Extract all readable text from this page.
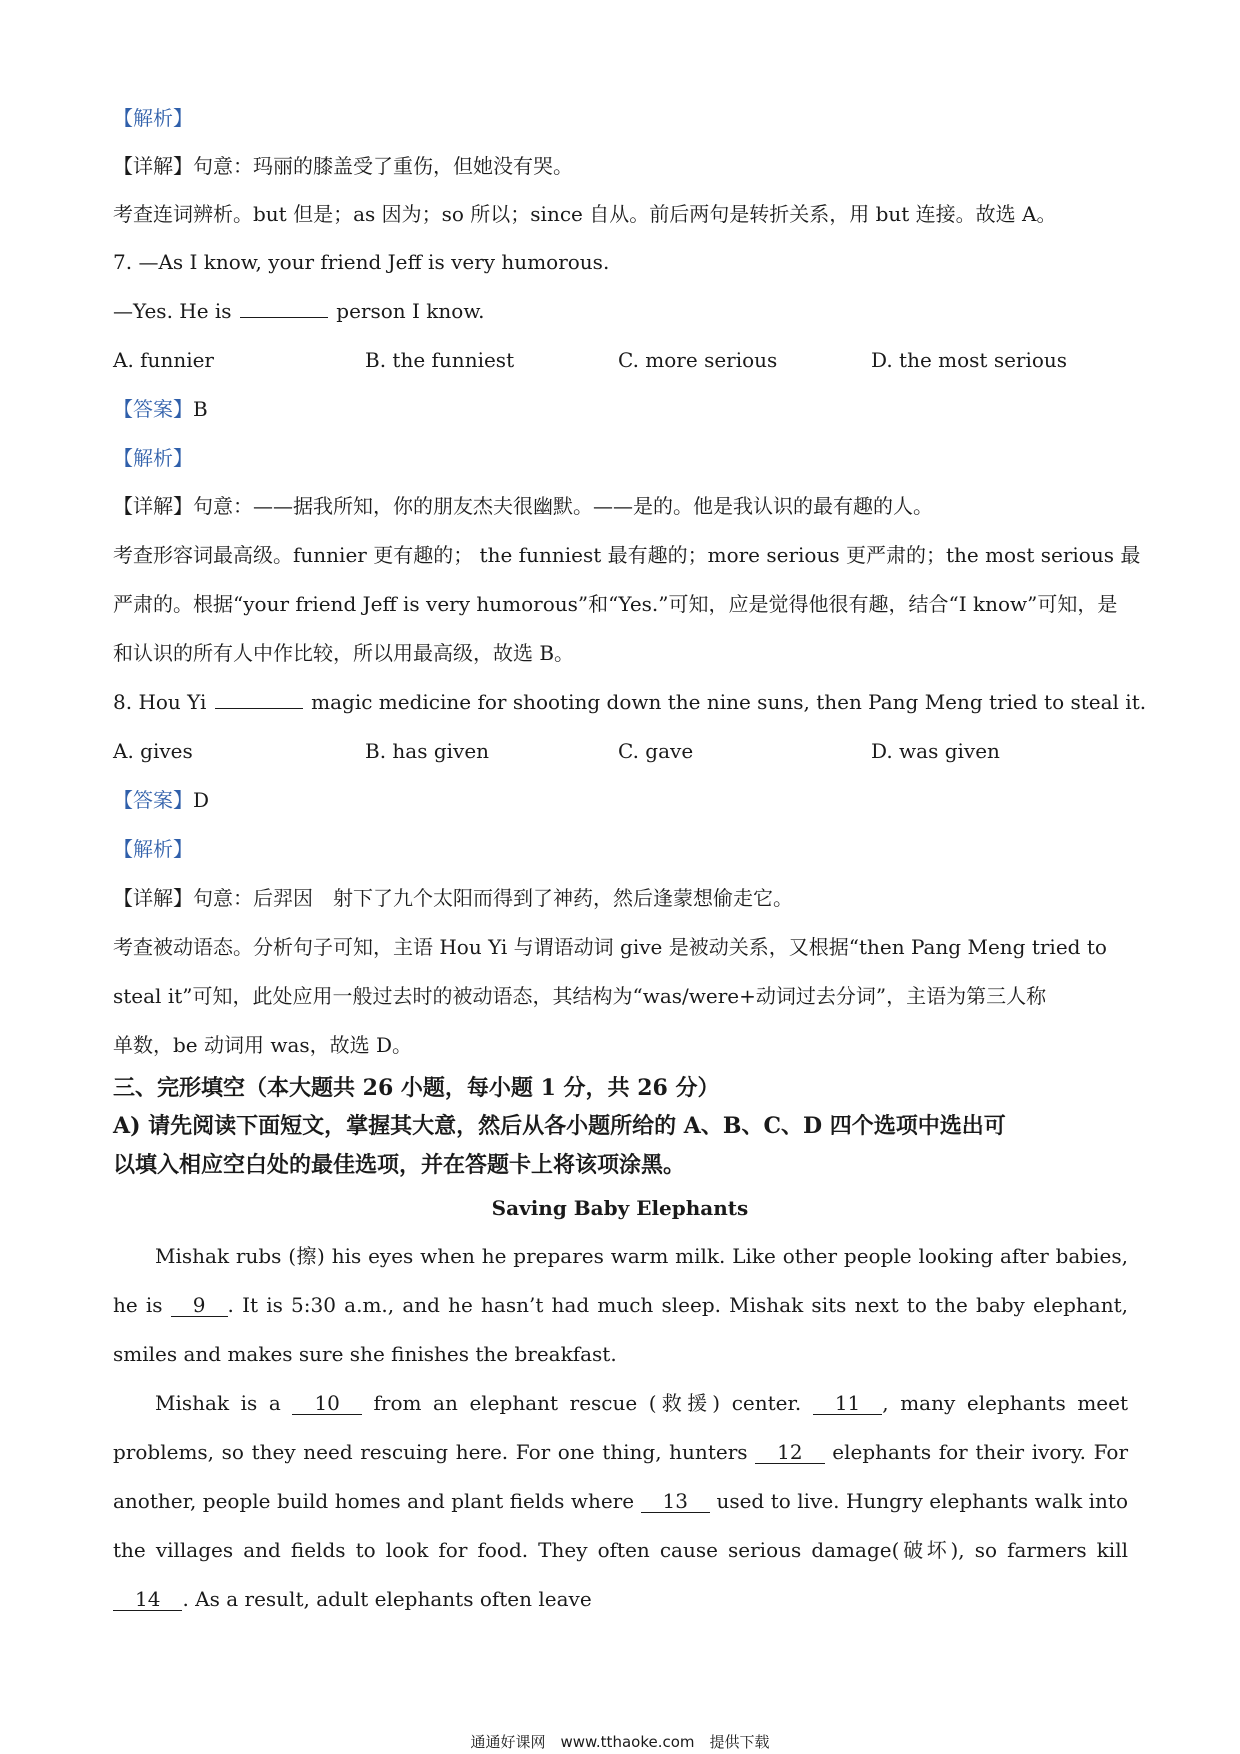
【解析】
【详解】句意：玛丽的膝盖受了重伤，但她没有哭。
考查连词辨析。but 但是；as 因为；so 所以；since 自从。前后两句是转折关系，用 but 连接。故选 A。
7. —As I know, your friend Jeff is very humorous.
—Yes. He is	person I know.
A. funnier	B. the funniest	C. more serious	D. the most serious
【答案】B
【解析】
【详解】句意：——据我所知，你的朋友杰夫很幽默。——是的。他是我认识的最有趣的人。
考查形容词最高级。funnier 更有趣的； the funniest 最有趣的；more serious 更严肃的；the most serious 最
严肃的。根据“your friend Jeff is very humorous”和“Yes.”可知，应是觉得他很有趣，结合“I know”可知，是
和认识的所有人中作比较，所以用最高级，故选 B。
8. Hou Yi	magic medicine for shooting down the nine suns, then Pang Meng tried to steal it.
A. gives	B. has given	C. gave	D. was given
【答案】D
【解析】
【详解】句意：后羿因　射下了九个太阳而得到了神药，然后逢蒙想偷走它。
考查被动语态。分析句子可知，主语 Hou Yi 与谓语动词 give 是被动关系，又根据“then Pang Meng tried to
steal it”可知，此处应用一般过去时的被动语态，其结构为“was/were+动词过去分词”，主语为第三人称
单数，be 动词用 was，故选 D。
三、完形填空（本大题共 26 小题，每小题 1 分，共 26 分）
A) 请先阅读下面短文，掌握其大意，然后从各小题所给的 A、B、C、D 四个选项中选出可
以填入相应空白处的最佳选项，并在答题卡上将该项涂黑。
Saving Baby Elephants
Mishak rubs (擦) his eyes when he prepares warm milk. Like other people looking after babies, he is 9 . It is 5:30 a.m., and he hasn’t had much sleep. Mishak sits next to the baby elephant, smiles and makes sure she finishes the breakfast.
Mishak is a 10 from an elephant rescue (救援) center. 11 , many elephants meet problems, so they need rescuing here. For one thing, hunters 12 elephants for their ivory. For another, people build homes and plant fields where 13 used to live. Hungry elephants walk into the villages and fields to look for food. They often cause serious damage(破坏), so farmers kill 14 . As a result, adult elephants often leave
通通好课网　www.tthaoke.com　提供下载
